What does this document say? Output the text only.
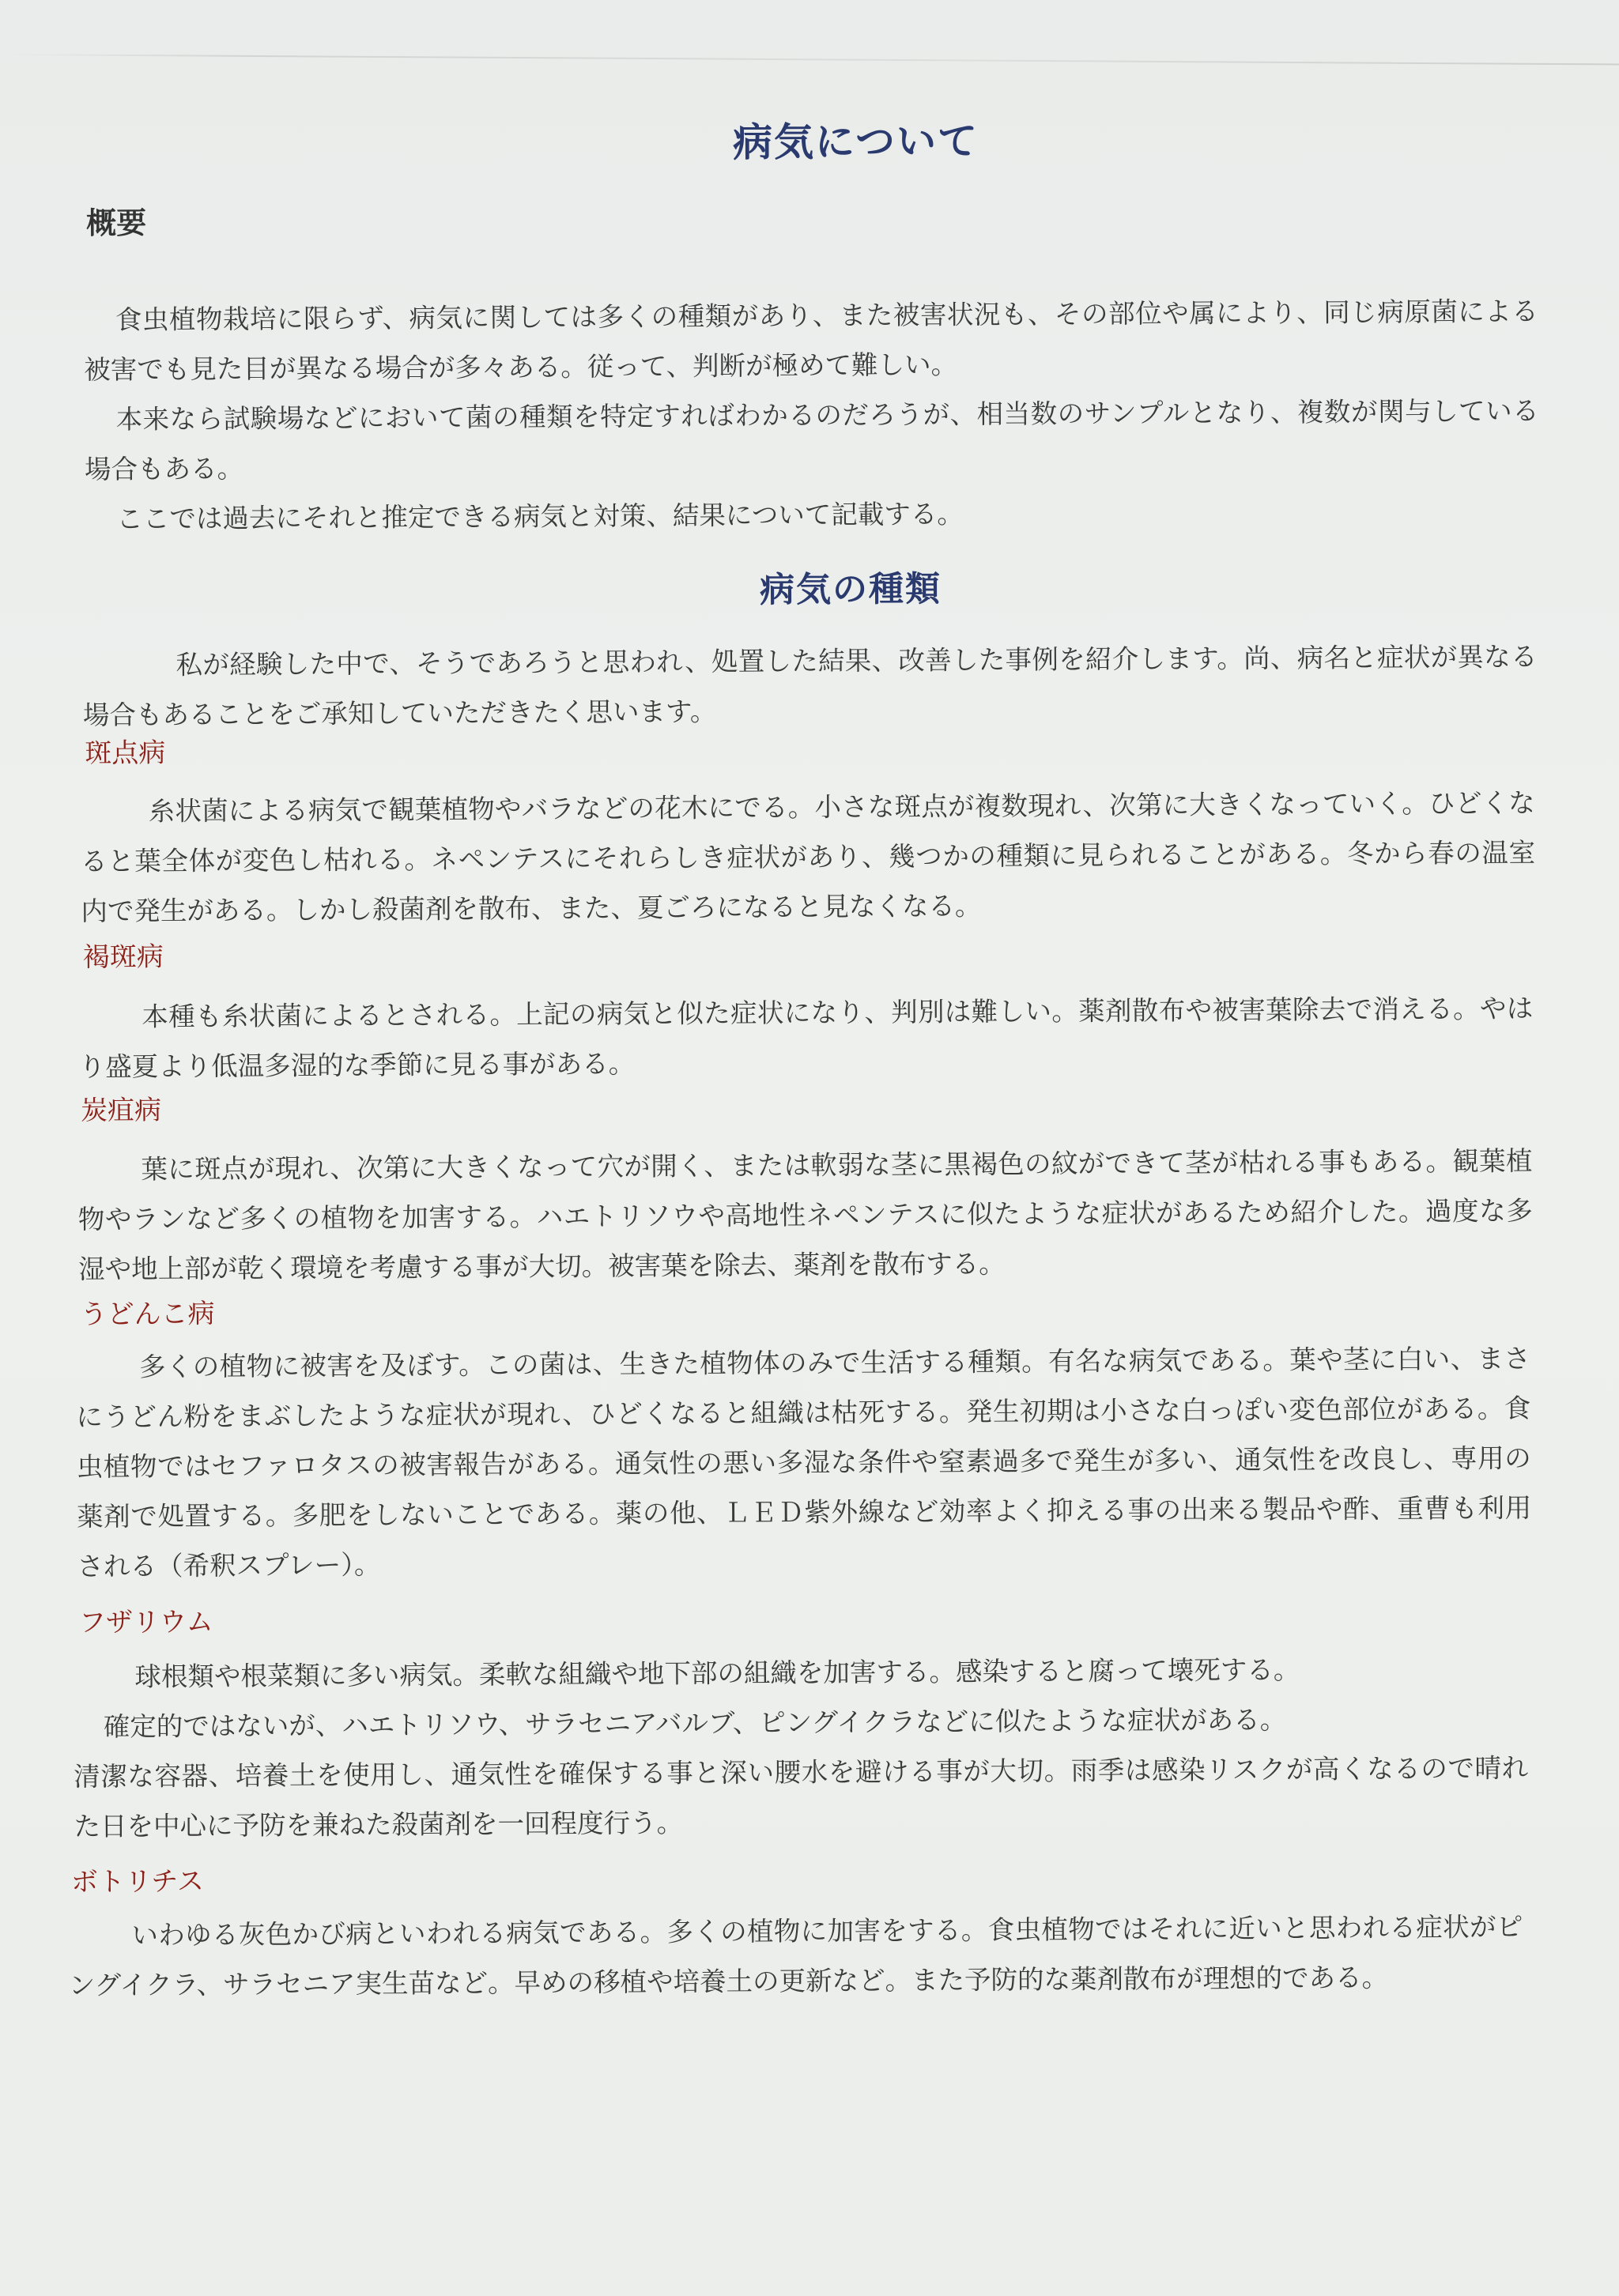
病気について
概要

食虫植物栽培に限らず、病気に関しては多くの種類があり、また被害状況も、その部位や属により、同じ病原菌による被害でも見た目が異なる場合が多々ある。従って、判断が極めて難しい。

本来なら試験場などにおいて菌の種類を特定すればわかるのだろうが、相当数のサンプルとなり、複数が関与している場合もある。

ここでは過去にそれと推定できる病気と対策、結果について記載する。

病気の種類

私が経験した中で、そうであろうと思われ、処置した結果、改善した事例を紹介します。尚、病名と症状が異なる場合もあることをご承知していただきたく思います。

斑点病

糸状菌による病気で観葉植物やバラなどの花木にでる。小さな斑点が複数現れ、次第に大きくなっていく。ひどくなると葉全体が変色し枯れる。ネペンテスにそれらしき症状があり、幾つかの種類に見られることがある。冬から春の温室内で発生がある。しかし殺菌剤を散布、また、夏ごろになると見なくなる。

褐斑病

本種も糸状菌によるとされる。上記の病気と似た症状になり、判別は難しい。薬剤散布や被害葉除去で消える。やはり盛夏より低温多湿的な季節に見る事がある。

炭疽病

葉に斑点が現れ、次第に大きくなって穴が開く、または軟弱な茎に黒褐色の紋ができて茎が枯れる事もある。観葉植物やランなど多くの植物を加害する。ハエトリソウや高地性ネペンテスに似たような症状があるため紹介した。過度な多湿や地上部が乾く環境を考慮する事が大切。被害葉を除去、薬剤を散布する。

うどんこ病

多くの植物に被害を及ぼす。この菌は、生きた植物体のみで生活する種類。有名な病気である。葉や茎に白い、まさにうどん粉をまぶしたような症状が現れ、ひどくなると組織は枯死する。発生初期は小さな白っぽい変色部位がある。食虫植物ではセファロタスの被害報告がある。通気性の悪い多湿な条件や窒素過多で発生が多い、通気性を改良し、専用の薬剤で処置する。多肥をしないことである。薬の他、ＬＥＤ紫外線など効率よく抑える事の出来る製品や酢、重曹も利用される（希釈スプレー）。

フザリウム

球根類や根菜類に多い病気。柔軟な組織や地下部の組織を加害する。感染すると腐って壊死する。

確定的ではないが、ハエトリソウ、サラセニアバルブ、ピングイクラなどに似たような症状がある。

清潔な容器、培養土を使用し、通気性を確保する事と深い腰水を避ける事が大切。雨季は感染リスクが高くなるので晴れた日を中心に予防を兼ねた殺菌剤を一回程度行う。

ボトリチス

いわゆる灰色かび病といわれる病気である。多くの植物に加害をする。食虫植物ではそれに近いと思われる症状がピングイクラ、サラセニア実生苗など。早めの移植や培養土の更新など。また予防的な薬剤散布が理想的である。
